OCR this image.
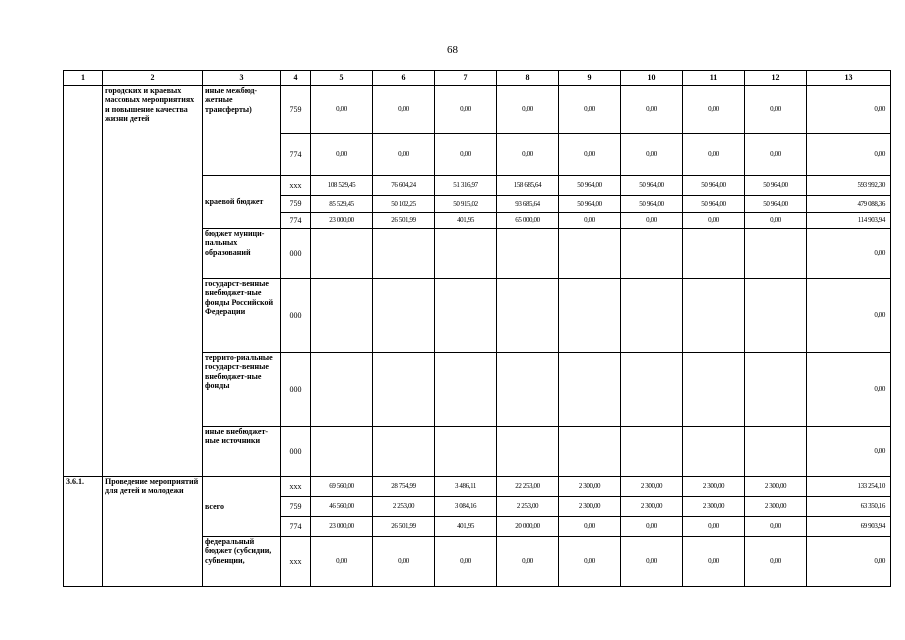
68
1	2	3	4	5	6	7	8	9	10	11	12	13
	городских и краевых массовых мероприятиях и повышение качества жизни детей	иные межбюд-жетные трансферты)	759	0,00	0,00	0,00	0,00	0,00	0,00	0,00	0,00	0,00
			774	0,00	0,00	0,00	0,00	0,00	0,00	0,00	0,00	0,00
		краевой бюджет	ххх	108 529,45	76 604,24	51 316,97	158 685,64	50 964,00	50 964,00	50 964,00	50 964,00	593 992,30
			759	85 529,45	50 102,25	50 915,02	93 685,64	50 964,00	50 964,00	50 964,00	50 964,00	479 088,36
			774	23 000,00	26 501,99	401,95	65 000,00	0,00	0,00	0,00	0,00	114 903,94
		бюджет муници-пальных образований	000									0,00
		государст-венные внебюджет-ные фонды Российской Федерации	000									0,00
		террито-риальные государст-венные внебюджет-ные фонды	000									0,00
		иные внебюджет-ные источники	000									0,00
3.6.1.	Проведение мероприятий для детей и молодежи	всего	ххх	69 560,00	28 754,99	3 486,11	22 253,00	2 300,00	2 300,00	2 300,00	2 300,00	133 254,10
			759	46 560,00	2 253,00	3 084,16	2 253,00	2 300,00	2 300,00	2 300,00	2 300,00	63 350,16
			774	23 000,00	26 501,99	401,95	20 000,00	0,00	0,00	0,00	0,00	69 903,94
		федеральный бюджет (субсидии, субвенции,	ххх	0,00	0,00	0,00	0,00	0,00	0,00	0,00	0,00	0,00
